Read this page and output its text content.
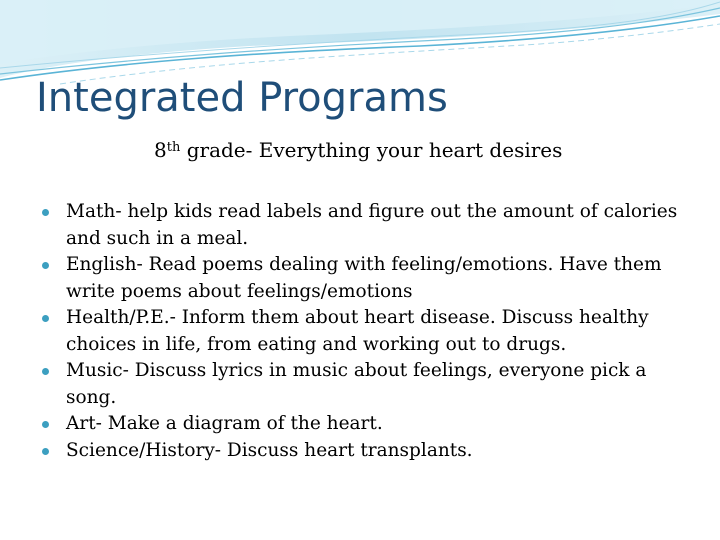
Integrated Programs

8th grade- Everything your heart desires

Math- help kids read labels and figure out the amount of calories and such in a meal.
English- Read poems dealing with feeling/emotions. Have them write poems about feelings/emotions
Health/P.E.- Inform them about heart disease. Discuss healthy choices in life, from eating and working out to drugs.
Music- Discuss lyrics in music about feelings, everyone pick a song.
Art- Make a diagram of the heart.
Science/History- Discuss heart transplants.
